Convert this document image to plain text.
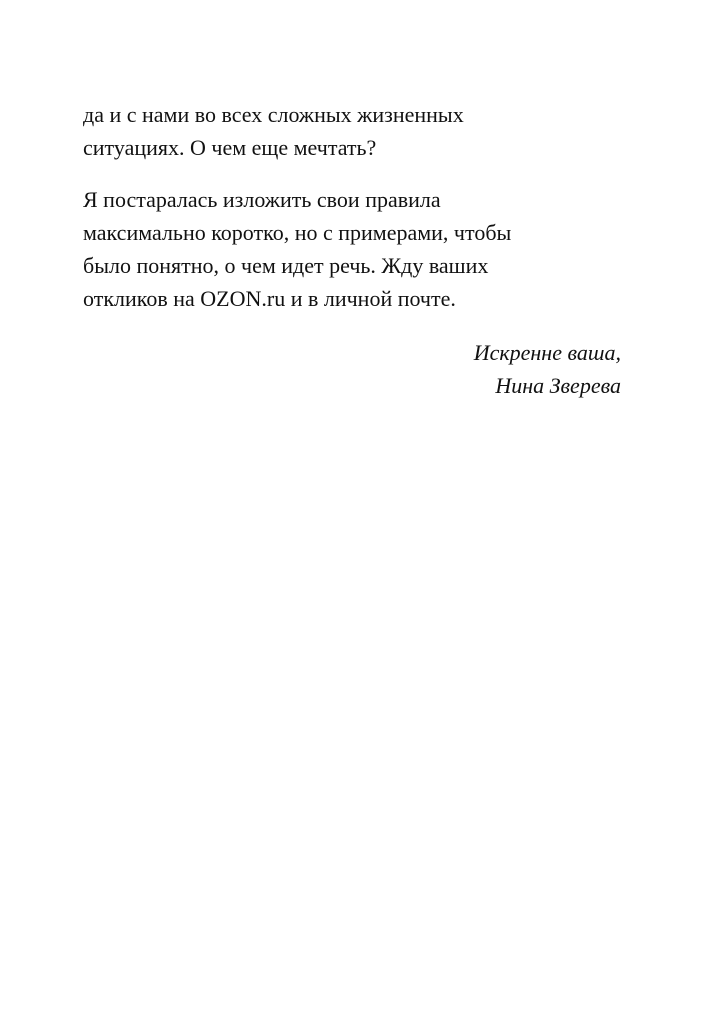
да и с нами во всех сложных жизненных
ситуациях. О чем еще мечтать?
Я постаралась изложить свои правила
максимально коротко, но с примерами, чтобы
было понятно, о чем идет речь. Жду ваших
откликов на OZON.ru и в личной почте.
Искренне ваша,
Нина Зверева
